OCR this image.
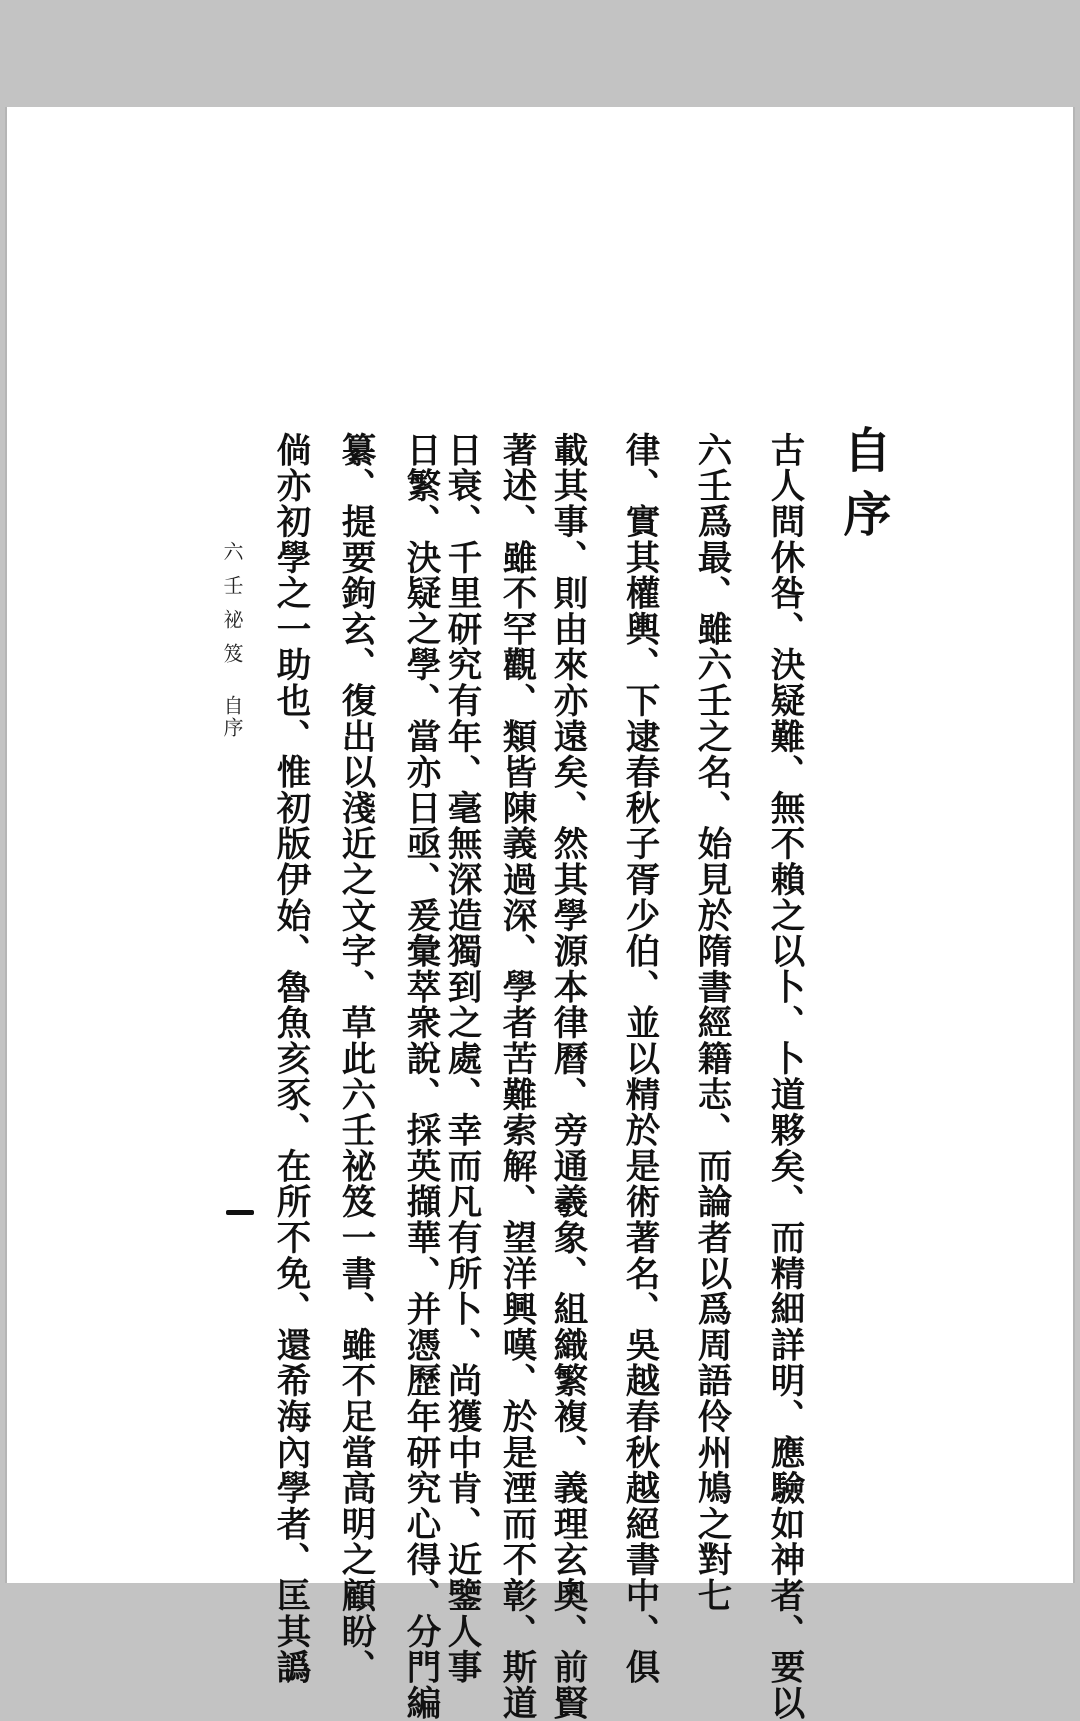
自序
古人問休咎、決疑難、無不賴之以卜、卜道夥矣、而精細詳明、應驗如神者、要以
六壬爲最、雖六壬之名、始見於隋書經籍志、而論者以爲周語伶州鳩之對七
律、實其權輿、下逮春秋子胥少伯、並以精於是術著名、吳越春秋越絕書中、俱
載其事、則由來亦遠矣、然其學源本律曆、旁通羲象、組織繁複、義理玄奧、前賢
著述、雖不罕觀、類皆陳義過深、學者苦難索解、望洋興嘆、於是湮而不彰、斯道
日衰、千里研究有年、毫無深造獨到之處、幸而凡有所卜、尚獲中肯、近鑒人事
日繁、決疑之學、當亦日亟、爰彙萃衆說、採英擷華、并憑歷年研究心得、分門編
纂、提要鉤玄、復出以淺近之文字、草此六壬祕笈一書、雖不足當高明之顧盼、
倘亦初學之一助也、惟初版伊始、魯魚亥豕、在所不免、還希海內學者、匡其譌
六壬祕笈 自序
